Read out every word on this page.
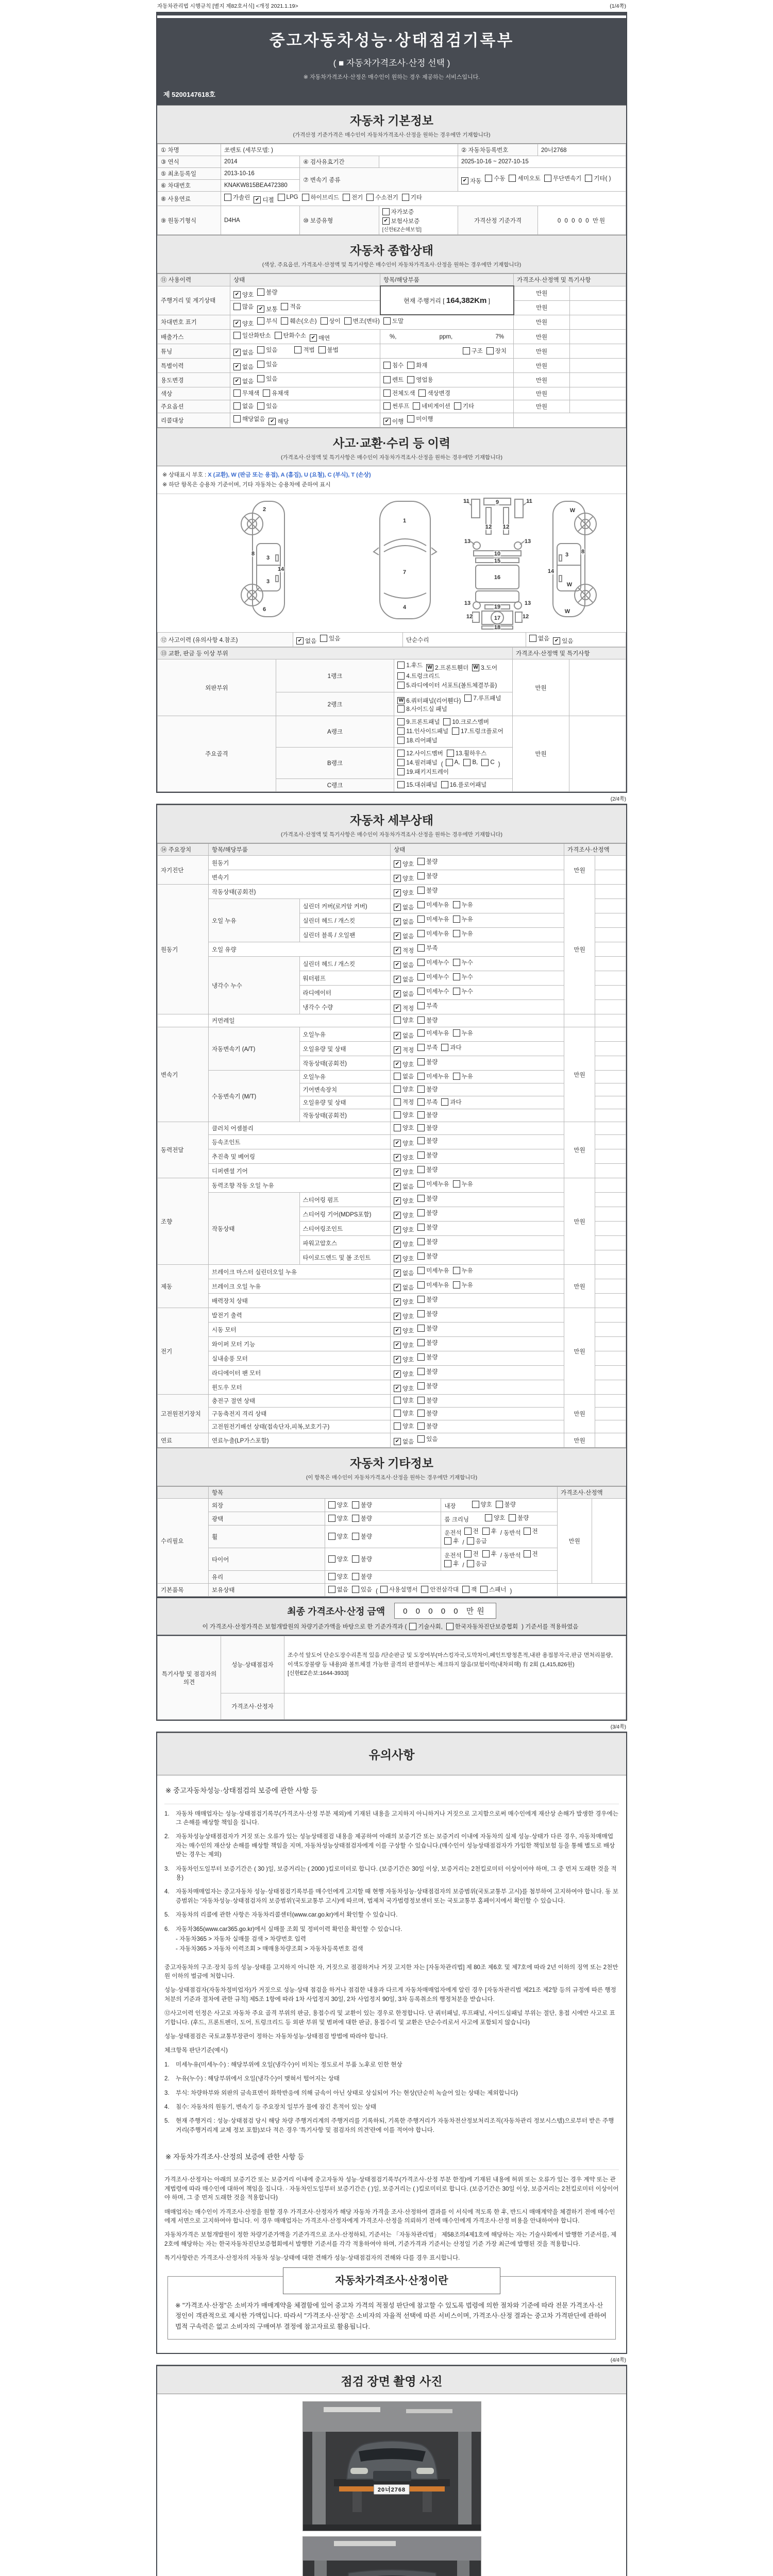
자동차관리법 시행규칙 [별지 제82호서식] <개정 2021.1.19>	(1/4쪽)
중고자동차성능·상태점검기록부
( ■ 자동차가격조사·산정 선택 )
※ 자동차가격조사·산정은 매수인이 원하는 경우 제공하는 서비스입니다.
제 5200147618호
자동차 기본정보
(가격산정 기준가격은 매수인이 자동차가격조사·산정을 원하는 경우에만 기재합니다)
① 차명	쏘렌토 (세부모델: )			② 자동차등록번호	20너2768
③ 연식	2014	④ 검사유효기간		2025-10-16 ~ 2027-10-15	
⑤ 최초등록일	2013-10-16	⑦ 변속기 종류	✔ 자동 수동 세미오토 무단변속기 기타( )

⑥ 차대번호	KNAKW815BEA472380				
⑧ 사용연료	가솔린 ✔ 디젤 LPG 하이브리드 전기 수소전기 기타

⑨ 원동기형식	D4HA	⑩ 보증유형	자가보증
✔ 보험사보증
[신한EZ손해보험]	가격산정 기준가격	0 0 0 0 0 만원
자동차 종합상태
(색상, 주요옵션, 가격조사·산정액 및 특기사항은 매수인이 자동차가격조사·산정을 원하는 경우에만 기재합니다)
⑪ 사용이력	상태	항목/해당부품	가격조사·산정액 및 특기사항	
주행거리 및 계기상태	✔ 양호 불량	현재 주행거리 [ 164,382Km ]	만원	

	많음 ✔ 보통 적음		만원	
차대번호 표기	✔ 양호 부식 훼손(오손) 상이 변조(변타) 도말	만원	
배출가스	일산화탄소 탄화수소 ✔ 매연	%, ppm, 7%	만원	
튜닝	✔ 없음 있음 적법 불법	구조 장치	만원	
특별이력	✔ 없음 있음	침수 화재	만원	
용도변경	✔ 없음 있음	렌트 영업용	만원	
색상	무채색 유채색	전체도색 색상변경	만원	
주요옵션	없음 있음	썬루프 네비게이션 기타	만원	
리콜대상	해당없음 ✔ 해당	✔ 이행 미이행		

사고·교환·수리 등 이력
(가격조사·산정액 및 특기사항은 매수인이 자동차가격조사·산정을 원하는 경우에만 기재합니다)
※ 상태표시 부호 : X (교환), W (판금 또는 용접), A (흠집), U (요철), C (부식), T (손상)
※ 하단 항목은 승용차 기준이며, 기타 자동차는 승용차에 준하여 표시
2
8
3
14
3
6
1
7
4
11	11
9
12 12
13	13
10
15
16
13	13
19
17
12	12
18
W
3 8
14
W
W
⑫ 사고이력 (유의사항 4.참조)	✔ 없음 있음	단순수리	없음 ✔ 있음
⑬ 교환, 판금 등 이상 부위			가격조사·산정액 및 특기사항	
외판부위	1랭크	
1.후드 W 2.프론트휀더 W 3.도어
4.트렁크리드
5.라디에이터 서포트(볼트체결부품)	만원	
	2랭크	W 6.쿼터패널(리어휀다) 7.루프패널
8.사이드실 패널		

주요골격	A랭크	9.프론트패널 10.크로스멤버
11.인사이드패널 17.트렁크플로어
18.리어패널	만원	
B랭크	
12.사이드멤버 13.휠하우스
14.필러패널 ( A, B, C )
19.패키지트레이

	C랭크	15.대쉬패널 16.플로어패널		
(2/4쪽)
자동차 세부상태
(가격조사·산정액 및 특기사항은 매수인이 자동차가격조사·산정을 원하는 경우에만 기재합니다)
⑭ 주요장치	항목/해당부품		상태	가격조사·산정액	
자기진단	원동기		✔ 양호 불량	만원	
	변속기		✔ 양호 불량		

원동기	작동상태(공회전)		✔ 양호 불량	만원	
	오일 누유	실린더 커버(로커암 커버)	✔ 없음 미세누유 누유		

		실린더 헤드 / 개스킷	✔ 없음 미세누유 누유		

		실린더 블록 / 오일팬	✔ 없음 미세누유 누유		

	오일 유량		✔ 적정 부족		

	냉각수 누수	실린더 헤드 / 개스킷	✔ 없음 미세누수 누수		

		워터펌프	✔ 없음 미세누수 누수		

		라디에이터	✔ 없음 미세누수 누수		

		냉각수 수량	✔ 적정 부족		

	커먼레일		양호 불량		

변속기	자동변속기 (A/T)	오일누유	✔ 없음 미세누유 누유	만원	
		오일유량 및 상태	✔ 적정 부족 과다		

		작동상태(공회전)	✔ 양호 불량		

	수동변속기 (M/T)	오일누유	없음 미세누유 누유		

		기어변속장치	양호 불량		

		오일유량 및 상태	적정 부족 과다		

		작동상태(공회전)	양호 불량		

동력전달	클러치 어셈블리		양호 불량	만원	
	등속조인트		✔ 양호 불량		

	추진축 및 베어링		✔ 양호 불량		

	디퍼렌셜 기어		✔ 양호 불량		

조향	동력조향 작동 오일 누유		✔ 없음 미세누유 누유	만원	
	작동상태	스티어링 펌프	✔ 양호 불량		

		스티어링 기어(MDPS포함)	✔ 양호 불량		

		스티어링조인트	✔ 양호 불량		

		파워고압호스	✔ 양호 불량		

		타이로드엔드 및 볼 조인트	✔ 양호 불량		

제동	브레이크 마스터 실린더오일 누유		✔ 없음 미세누유 누유	만원	
	브레이크 오일 누유		✔ 없음 미세누유 누유		

	배력장치 상태		✔ 양호 불량		

전기	발전기 출력		✔ 양호 불량	만원	
	시동 모터		✔ 양호 불량		

	와이퍼 모터 기능		✔ 양호 불량		

	실내송풍 모터		✔ 양호 불량		

	라디에이터 팬 모터		✔ 양호 불량		

	윈도우 모터		✔ 양호 불량		

고전원전기장치	충전구 절연 상태		양호 불량	만원	
	구동축전지 격리 상태		양호 불량		

	고전원전기배선 상태(접속단자,피복,보호기구)		양호 불량		

연료	연료누출(LP가스포함)		✔ 없음 있음	만원	
자동차 기타정보
(이 항목은 매수인이 자동차가격조사·산정을 원하는 경우에만 기재합니다)
	항목			가격조사·산정액	
수리필요	외장	양호 불량	내장 양호 불량	만원	
	광택	양호 불량	룸 크리닝 양호 불량		

휠	양호 불량
	운전석 전 후 / 동반석 전
후 / 응급

타이어	양호 불량
	운전석 전 후 / 동반석 전
후 / 응급

	유리	양호 불량			

기본품목	보유상태	없음 있음 ( 사용설명서 안전삼각대 잭 스패너 )	
최종 가격조사·산정 금액	0 0 0 0 0 만원
이 가격조사·산정가격은 보험개발원의 차량기준가액을 바탕으로 한 기준가격과 ( 기술사회, 한국자동차진단보증협회 ) 기준서를 적용하였음
특기사항 및 점검자의 의견	성능·상태점검자	조수석 앞도어 단순도장수리흔적 있음 /단순판금 및 도장여부(마스킹자국,도막차이,페인트방청흔적,내판 용접봉자국,판금 면처리불량,이색도장불량 등 내용)와 볼트체결 가능한 골격의 판결여부는 체크하지 않음/보험이력(내차피해) 有 2회 (1,415,826원) [신한EZ손보:1644-3933]

	가격조사·산정자	
(3/4쪽)
유의사항
※ 중고자동차성능·상태점검의 보증에 관한 사항 등
1.	자동차 매매업자는 성능·상태점검기록부(가격조사·산정 부분 제외)에 기재된 내용을 고지하지 아니하거나 거짓으로 고지함으로써 매수인에게 재산상 손해가 발생한 경우에는 그 손해를 배상할 책임을 집니다.
2.	자동차성능상태점검자가 거짓 또는 오류가 있는 성능상태점검 내용을 제공하여 아래의 보증기간 또는 보증거리 이내에 자동차의 실제 성능·상태가 다른 경우, 자동차매매업자는 매수인의 재산상 손해를 배상할 책임을 지며, 자동차성능상태점검자에게 이를 구상할 수 있습니다.(매수인이 성능상태점검자가 가입한 책임보험 등을 통해 별도로 배상받는 경우는 제외)
3.	자동차인도일부터 보증기간은 ( 30 )일, 보증거리는 ( 2000 )킬로미터로 합니다. (보증기간은 30일 이상, 보증거리는 2천킬로미터 이상이어야 하며, 그 중 먼저 도래한 것을 적용)
4.	자동차매매업자는 중고자동차 성능·상태점검기록부를 매수인에게 고지할 때 현행 자동차성능·상태점검자의 보증범위(국토교통부 고시)를 첨부하여 고지하여야 합니다. 동 보증범위는 '자동차성능·상태점검자의 보증범위'(국토교통부 고시)에 따르며, 법제처 국가법령정보센터 또는 국토교통부 홈페이지에서 확인할 수 있습니다.
5.	자동차의 리콜에 관한 사항은 자동차리콜센터(www.car.go.kr)에서 확인할 수 있습니다.
6.	자동차365(www.car365.go.kr)에서 실매물 조회 및 정비이력 확인을 확인할 수 있습니다.
- 자동차365 > 자동차 실매물 검색 > 차량번호 입력
- 자동차365 > 자동차 이력조회 > 매매용차량조회 > 자동차등록번호 검색
중고자동차의 구조·장치 등의 성능·상태를 고지하지 아니한 자, 거짓으로 점검하거나 거짓 고지한 자는 [자동차관리법] 제 80조 제6호 및 제7호에 따라 2년 이하의 징역 또는 2천만원 이하의 벌금에 처합니다.
성능·상태점검자(자동차정비업자)가 거짓으로 성능·상태 점검을 하거나 점검한 내용과 다르게 자동차매매업자에게 알린 경우 [자동차관리법 제21조 제2항 등의 규정에 따른 행정처분의 기준과 절차에 관한 규칙] 제5조 1항에 따라 1차 사업정지 30일, 2차 사업정지 90일, 3차 등록취소의 행정처분을 받습니다.
⑫사고이력 인정은 사고로 자동차 주요 골격 부위의 판금, 용접수리 및 교환이 있는 경우로 한정합니다. 단 쿼터패널, 루프패널, 사이드실패널 부위는 절단, 용접 시에만 사고로 표기합니다. (후드, 프론트펜더, 도어, 트렁크리드 등 외판 부위 및 범퍼에 대한 판금, 용접수리 및 교환은 단순수리로서 사고에 포함되지 않습니다)
성능·상태점검은 국토교통부장관이 정하는 자동차성능·상태점검 방법에 따라야 합니다.
체크항목 판단기준(예시)
1.	미세누유(미세누수) : 해당부위에 오일(냉각수)이 비치는 정도로서 부품 노후로 인한 현상
2.	누유(누수) : 해당부위에서 오일(냉각수)이 맺혀서 떨어지는 상태
3.	부식: 차량하부와 외판의 금속표면이 화학반응에 의해 금속이 아닌 상태로 상실되어 가는 현상(단순히 녹슬어 있는 상태는 제외합니다)
4.	침수: 자동차의 원동기, 변속기 등 주요장치 일부가 물에 잠긴 흔적이 있는 상태
5.	현재 주행거리 : 성능·상태점검 당시 해당 차량 주행거리계의 주행거리를 기록하되, 기록한 주행거리가 자동차전산정보처리조직(자동차관리 정보시스템)으로부터 받은 주행거리(주행거리계 교체 정보 포함)보다 적은 경우 '특기사항 및 점검자의 의견'란에 이를 적어야 합니다.
※ 자동차가격조사·산정의 보증에 관한 사항 등
가격조사·산정자는 아래의 보증기간 또는 보증거리 이내에 중고자동차 성능·상태점검기록부(가격조사·산정 부분 한정)에 기재된 내용에 허위 또는 오류가 있는 경우 계약 또는 관계법령에 따라 매수인에 대하여 책임을 집니다. · 자동차인도일부터 보증기간은 ( )일, 보증거리는 ( )킬로미터로 합니다. (보증기간은 30일 이상, 보증거리는 2천킬로미터 이상이어야 하며, 그 중 먼저 도래한 것을 적용합니다)
매매업자는 매수인이 가격조사·산정을 원할 경우 가격조사·산정자가 해당 자동차 가격을 조사·산정하여 결과를 이 서식에 적도록 한 후, 반드시 매매계약을 체결하기 전에 매수인에게 서면으로 고지하여야 합니다. 이 경우 매매업자는 가격조사·산정자에게 가격조사·산정을 의뢰하기 전에 매수인에게 가격조사·산정 비용을 안내하여야 합니다.
자동차가격은 보험개발원이 정한 차량기준가액을 기준가격으로 조사·산정하되, 기준서는 「자동차관리법」 제58조의4제1호에 해당하는 자는 기술사회에서 발행한 기준서를, 제2호에 해당하는 자는 한국자동차진단보증협회에서 발행한 기준서를 각각 적용하여야 하며, 기준가격과 기준서는 산정일 기준 가장 최근에 발행된 것을 적용합니다.
특기사항란은 가격조사·산정자의 자동차 성능·상태에 대한 견해가 성능·상태점검자의 견해와 다를 경우 표시합니다.
자동차가격조사·산정이란
※ "가격조사·산정"은 소비자가 매매계약을 체결함에 있어 중고차 가격의 적절성 판단에 참고할 수 있도록 법령에 의한 절차와 기준에 따라 전문 가격조사·산정인이 객관적으로 제시한 가액입니다. 따라서 "가격조사·산정"은 소비자의 자율적 선택에 따른 서비스이며, 가격조사·산정 결과는 중고차 가격판단에 관하여 법적 구속력은 없고 소비자의 구매여부 결정에 참고자료로 활용됩니다.
(4/4쪽)
점검 장면 촬영 사진
20너2768
